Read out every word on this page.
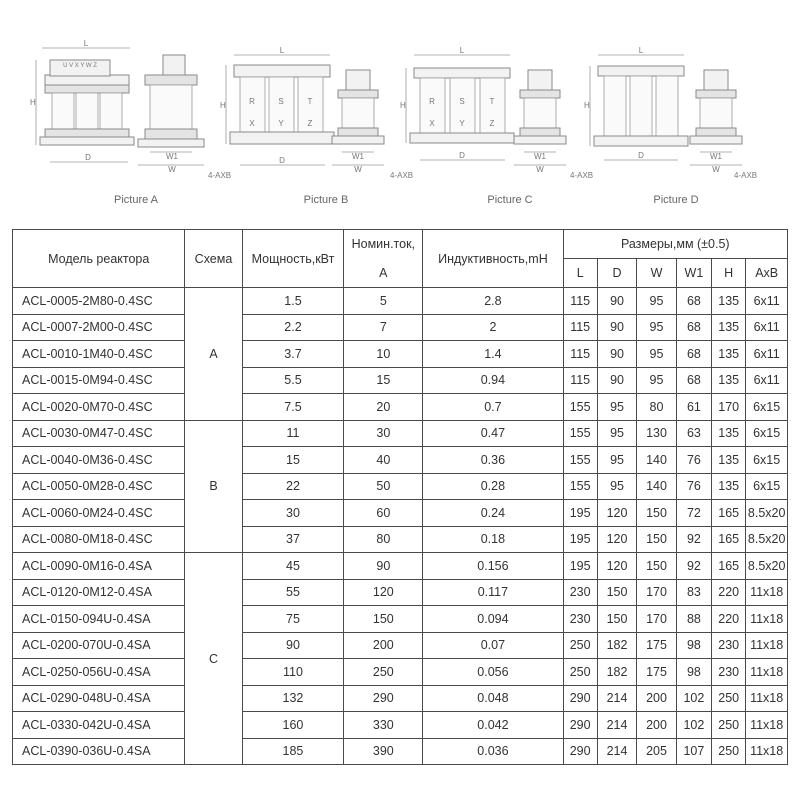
L
U V X Y W Z
H
D	W1
W
4-AXB
L
R	S	T
X	Y	Z
H
D	W1
W
4-AXB
L
R	S	T
X	Y	Z
H
D	W1
W
4-AXB
L
H
D	W1
W
4-AXB
Picture A	Picture B	Picture C	Picture D
Модель реактора	Схема	Мощность,кВт	Номин.ток,	Индуктивность,mH	Размеры,мм (±0.5)					
			А		L	D	W	W1	H	AxB
ACL-0005-2M80-0.4SC	A	1.5	5	2.8	115	90	95	68	135	6x11
ACL-0007-2M00-0.4SC		2.2	7	2	115	90	95	68	135	6x11
ACL-0010-1M40-0.4SC		3.7	10	1.4	115	90	95	68	135	6x11
ACL-0015-0M94-0.4SC		5.5	15	0.94	115	90	95	68	135	6x11
ACL-0020-0M70-0.4SC		7.5	20	0.7	155	95	80	61	170	6x15
ACL-0030-0M47-0.4SC	B	11	30	0.47	155	95	130	63	135	6x15
ACL-0040-0M36-0.4SC		15	40	0.36	155	95	140	76	135	6x15
ACL-0050-0M28-0.4SC		22	50	0.28	155	95	140	76	135	6x15
ACL-0060-0M24-0.4SC		30	60	0.24	195	120	150	72	165	8.5x20
ACL-0080-0M18-0.4SC		37	80	0.18	195	120	150	92	165	8.5x20
ACL-0090-0M16-0.4SA	C	45	90	0.156	195	120	150	92	165	8.5x20
ACL-0120-0M12-0.4SA		55	120	0.117	230	150	170	83	220	11x18
ACL-0150-094U-0.4SA		75	150	0.094	230	150	170	88	220	11x18
ACL-0200-070U-0.4SA		90	200	0.07	250	182	175	98	230	11x18
ACL-0250-056U-0.4SA		110	250	0.056	250	182	175	98	230	11x18
ACL-0290-048U-0.4SA		132	290	0.048	290	214	200	102	250	11x18
ACL-0330-042U-0.4SA		160	330	0.042	290	214	200	102	250	11x18
ACL-0390-036U-0.4SA		185	390	0.036	290	214	205	107	250	11x18
